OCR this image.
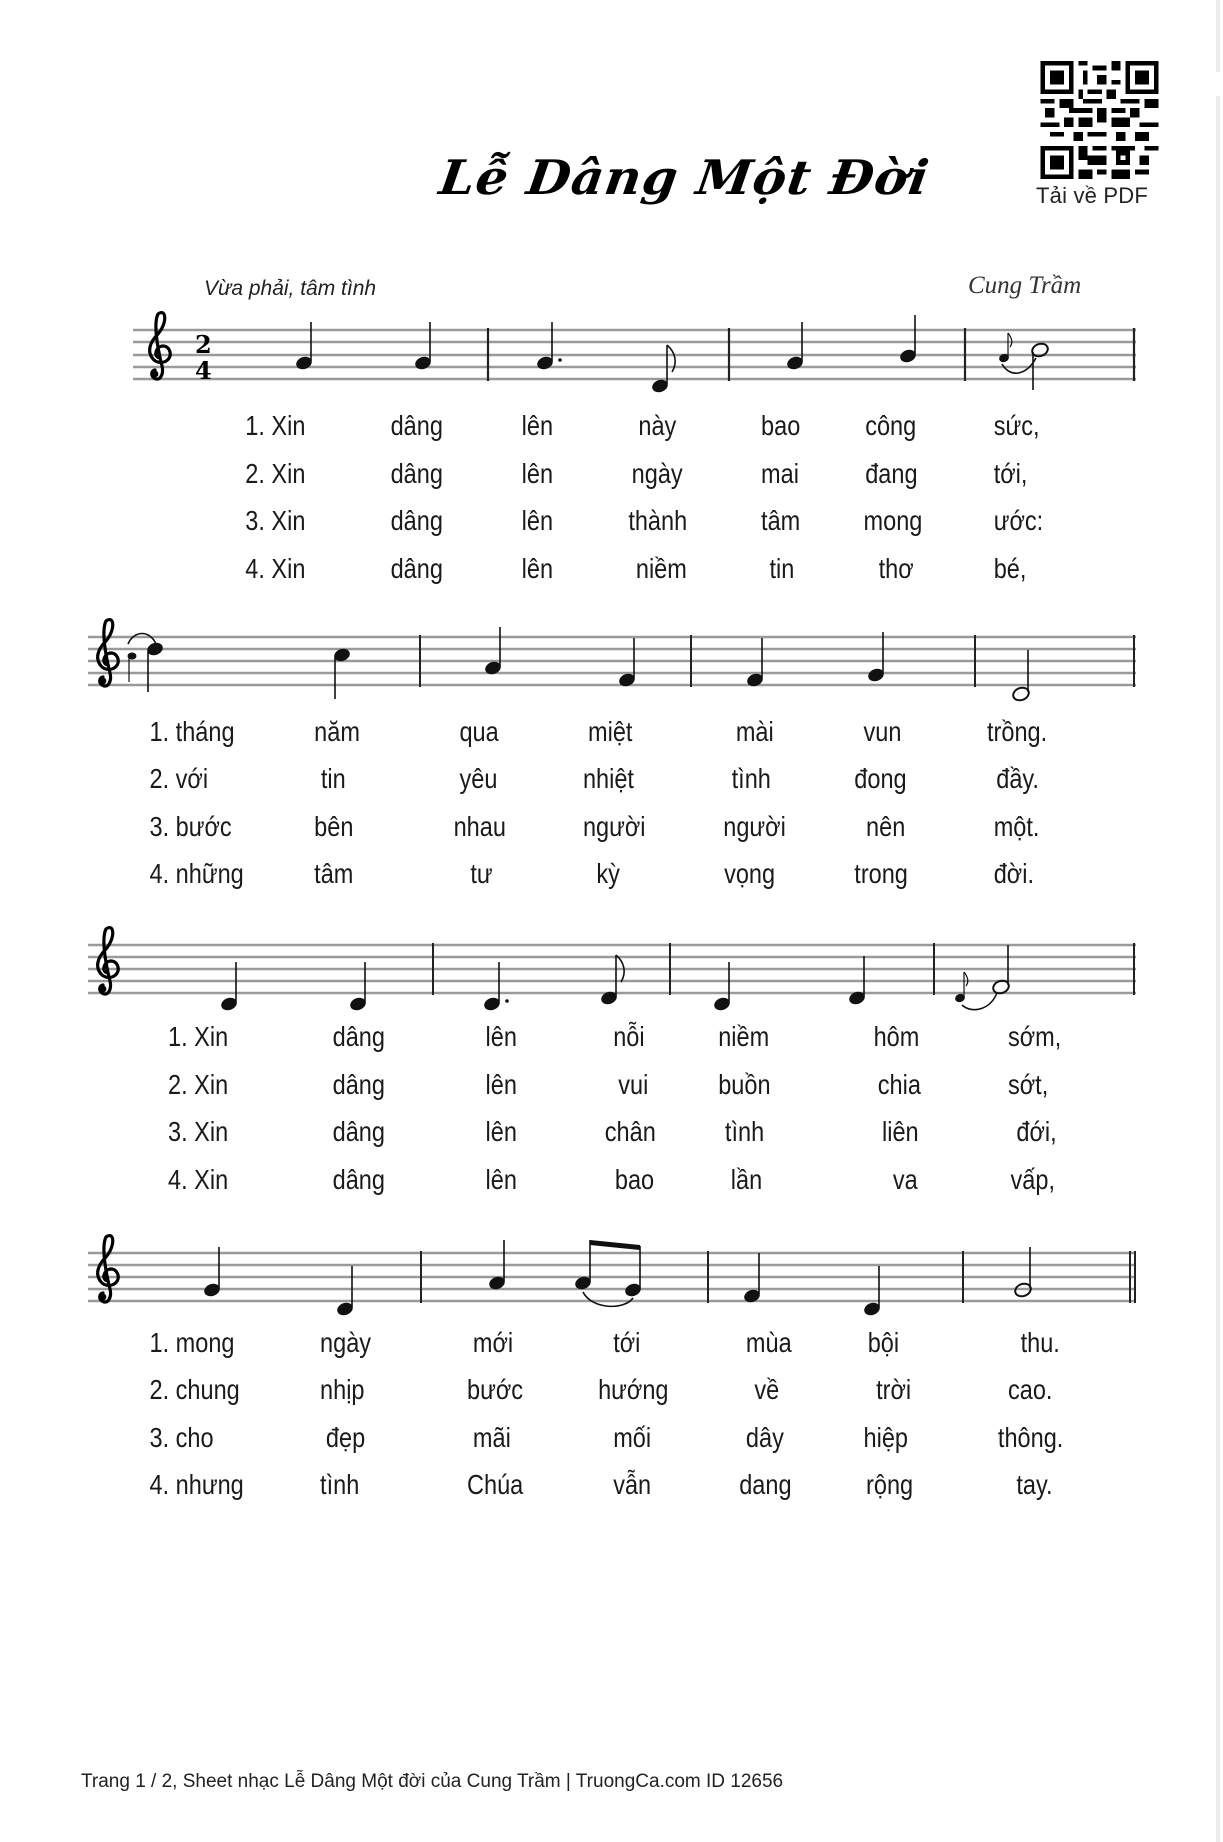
Tải về PDF
Lễ Dâng Một Đời
Vừa phải, tâm tình	Cung Trầm
2
4
1. Xin	dâng	lên	này	bao công	sức,
2. Xin	dâng	lên	ngày	mai đang	tới,
3. Xin	dâng	lên	thành	tâm mong	ước:
4. Xin	dâng	lên	niềm	tin	thơ	bé,
1. tháng	năm	qua	miệt	mài	vun	trồng.
2. với	tin	yêu	nhiệt	tình	đong	đầy.
3. bước	bên	nhau	người	người	nên	một.
4. những	tâm	tư	kỳ	vọng	trong	đời.
1. Xin	dâng	lên	nỗi	niềm	hôm	sớm,
2. Xin	dâng	lên	vui buồn	chia	sớt,
3. Xin	dâng	lên	chân tình	liên	đới,
4. Xin	dâng	lên	bao	lần	va	vấp,
1. mong	ngày	mới	tới	mùa	bội	thu.
2. chung	nhịp	bước	hướng	về	trời	cao.
3. cho	đẹp	mãi	mối	dây	hiệp	thông.
4. nhưng	tình	Chúa	vẫn	dang	rộng	tay.
Trang 1 / 2, Sheet nhạc Lễ Dâng Một đời của Cung Trầm | TruongCa.com ID 12656
